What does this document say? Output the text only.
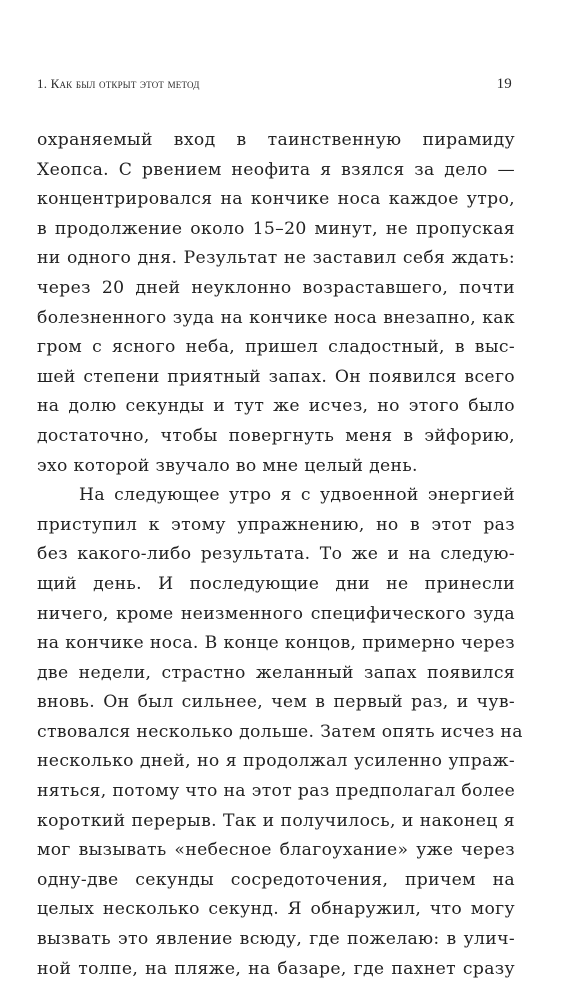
1. Как был открыт этот метод	19
охраняемый вход в таинственную пирамиду
Хеопса. С рвением неофита я взялся за дело —
концентрировался на кончике носа каждое утро,
в продолжение около 15–20 минут, не пропуская
ни одного дня. Результат не заставил себя ждать:
через 20 дней неуклонно возраставшего, почти
болезненного зуда на кончике носа внезапно, как
гром с ясного неба, пришел сладостный, в выс-
шей степени приятный запах. Он появился всего
на долю секунды и тут же исчез, но этого было
достаточно, чтобы повергнуть меня в эйфорию,
эхо которой звучало во мне целый день.
На следующее утро я с удвоенной энергией
приступил к этому упражнению, но в этот раз
без какого-либо результата. То же и на следую-
щий день. И последующие дни не принесли
ничего, кроме неизменного специфического зуда
на кончике носа. В конце концов, примерно через
две недели, страстно желанный запах появился
вновь. Он был сильнее, чем в первый раз, и чув-
ствовался несколько дольше. Затем опять исчез на
несколько дней, но я продолжал усиленно упраж-
няться, потому что на этот раз предполагал более
короткий перерыв. Так и получилось, и наконец я
мог вызывать «небесное благоухание» уже через
одну-две секунды сосредоточения, причем на
целых несколько секунд. Я обнаружил, что могу
вызвать это явление всюду, где пожелаю: в улич-
ной толпе, на пляже, на базаре, где пахнет сразу
